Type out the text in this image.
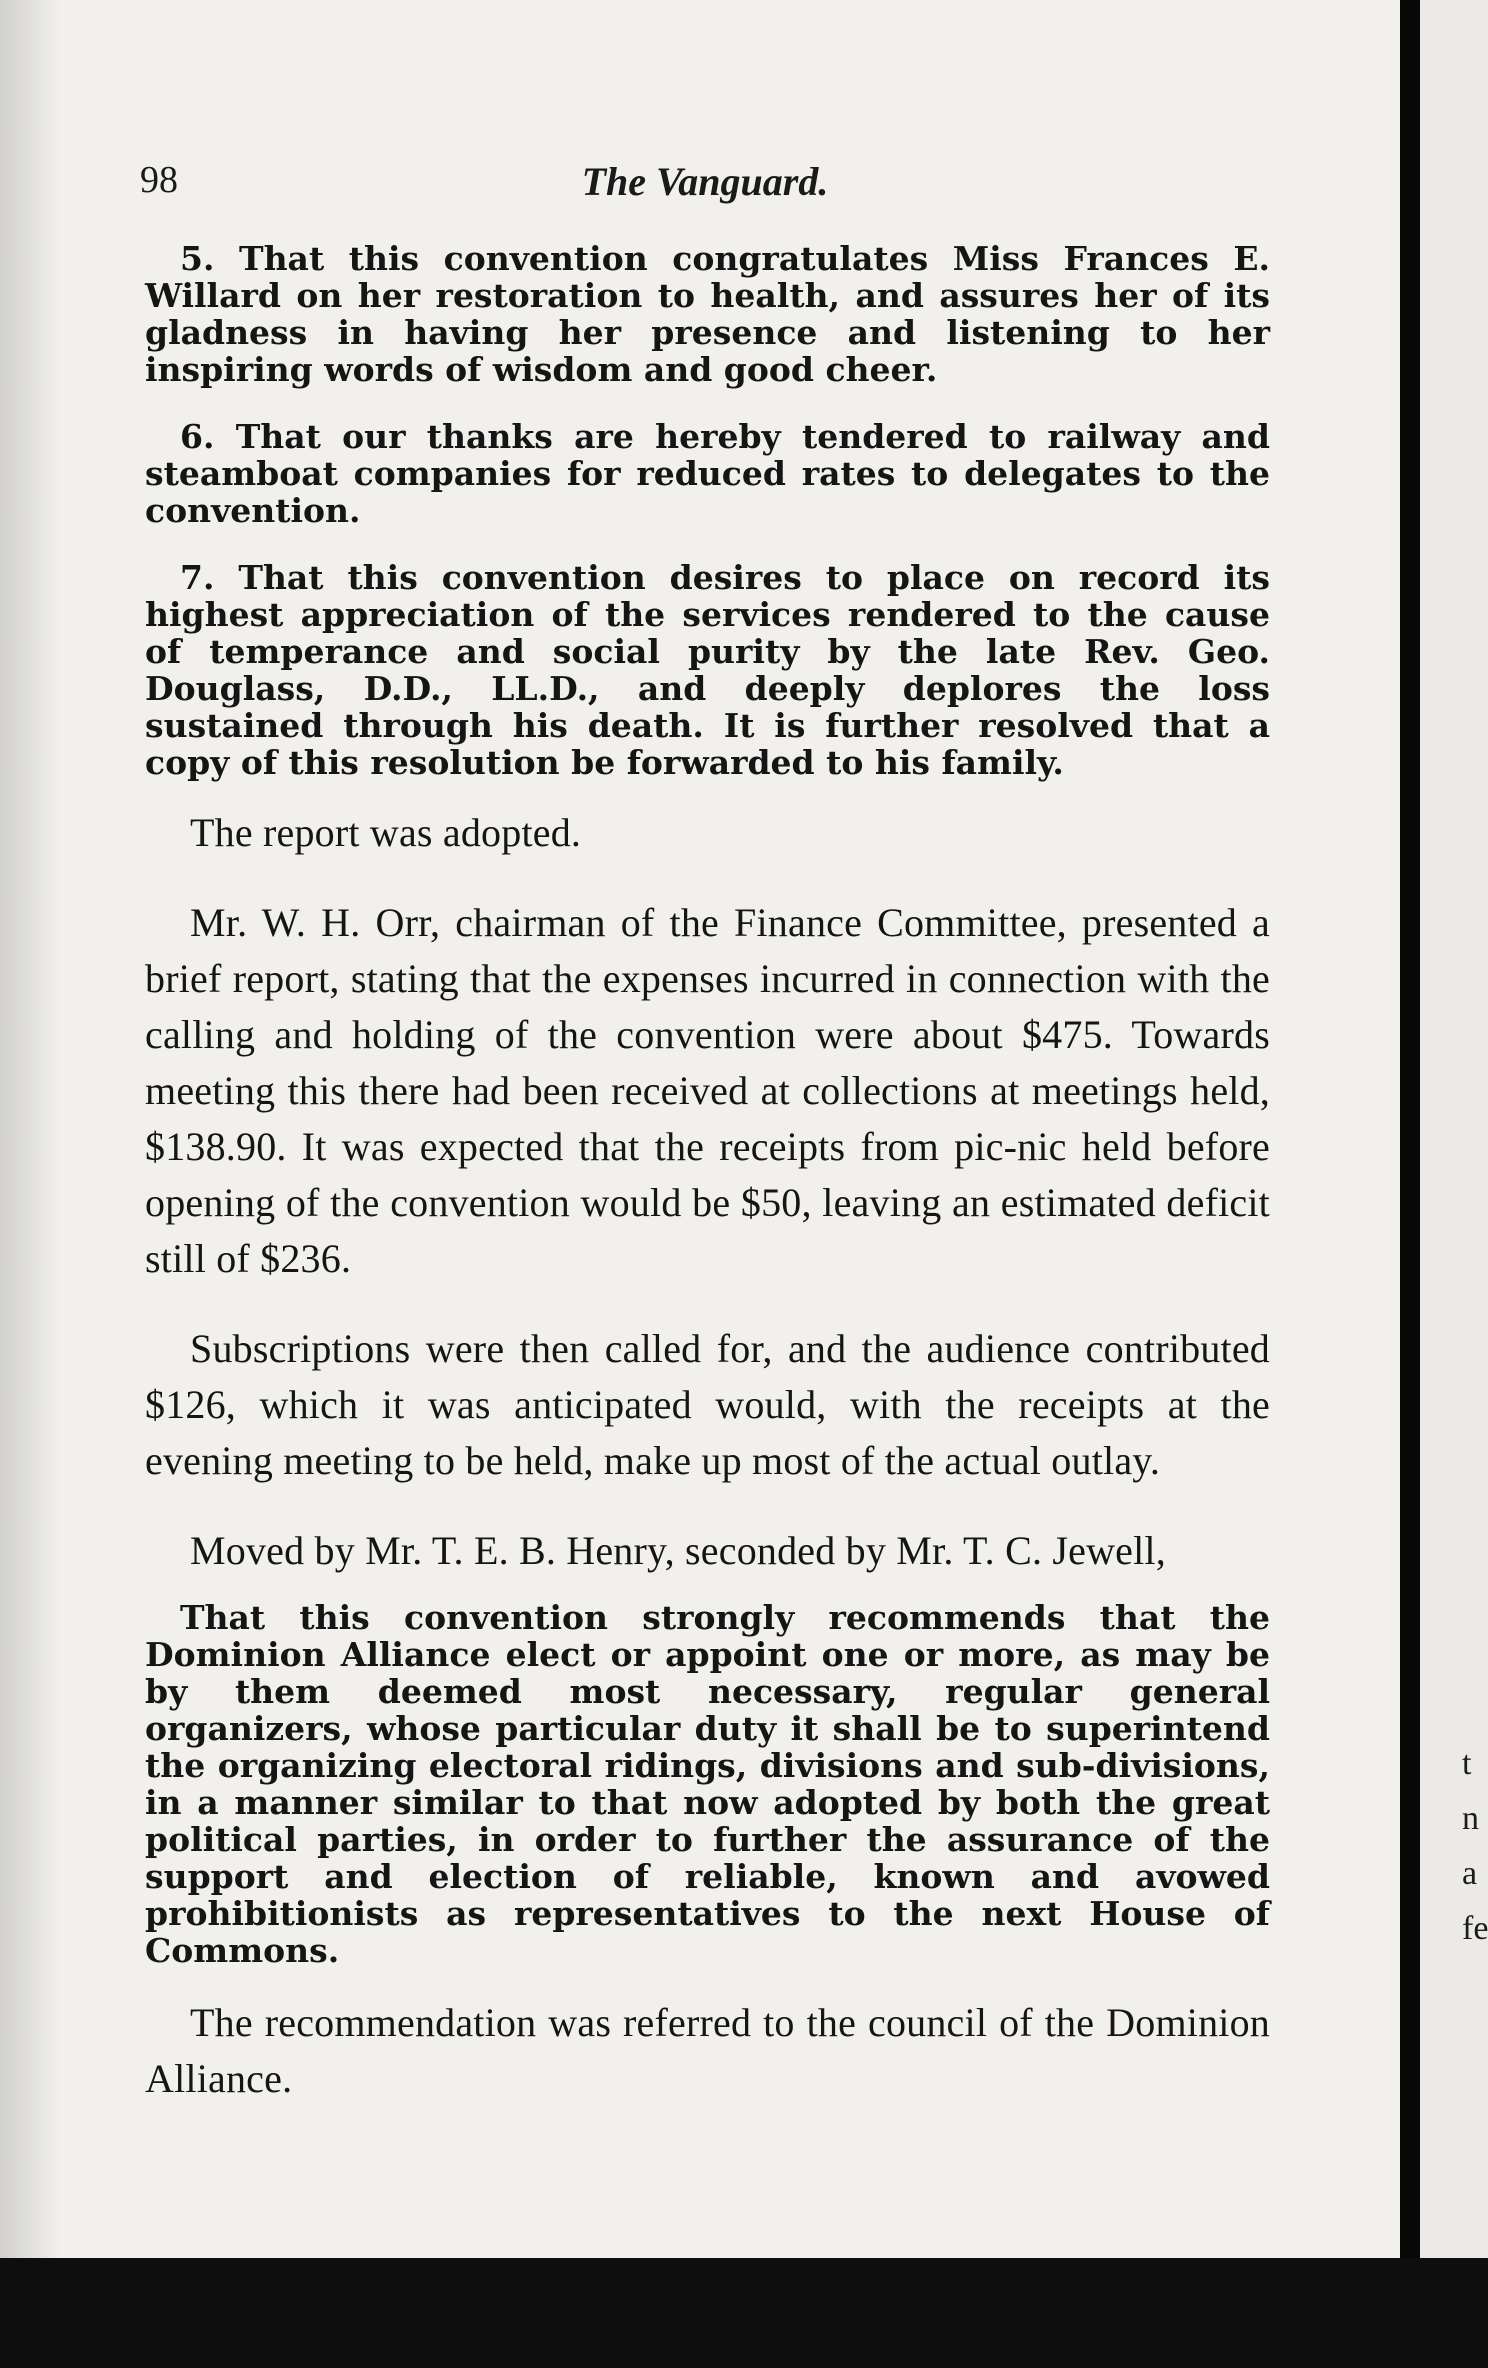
98	The Vanguard.

5. That this convention congratulates Miss Frances E. Willard on her restoration to health, and assures her of its gladness in having her presence and listening to her inspiring words of wisdom and good cheer.

6. That our thanks are hereby tendered to railway and steamboat companies for reduced rates to delegates to the convention.

7. That this convention desires to place on record its highest appreciation of the services rendered to the cause of temperance and social purity by the late Rev. Geo. Douglass, D.D., LL.D., and deeply deplores the loss sustained through his death. It is further resolved that a copy of this resolution be forwarded to his family.

The report was adopted.

Mr. W. H. Orr, chairman of the Finance Committee, presented a brief report, stating that the expenses incurred in connection with the calling and holding of the convention were about $475. Towards meeting this there had been received at collections at meetings held, $138.90. It was expected that the receipts from pic-nic held before opening of the convention would be $50, leaving an estimated deficit still of $236.

Subscriptions were then called for, and the audience contributed $126, which it was anticipated would, with the receipts at the evening meeting to be held, make up most of the actual outlay.

Moved by Mr. T. E. B. Henry, seconded by Mr. T. C. Jewell,

That this convention strongly recommends that the Dominion Alliance elect or appoint one or more, as may be by them deemed most necessary, regular general organizers, whose particular duty it shall be to superintend the organizing electoral ridings, divisions and sub-divisions, in a manner similar to that now adopted by both the great political parties, in order to further the assurance of the support and election of reliable, known and avowed prohibitionists as representatives to the next House of Commons.

The recommendation was referred to the council of the Dominion Alliance.

t
n
a
fe
